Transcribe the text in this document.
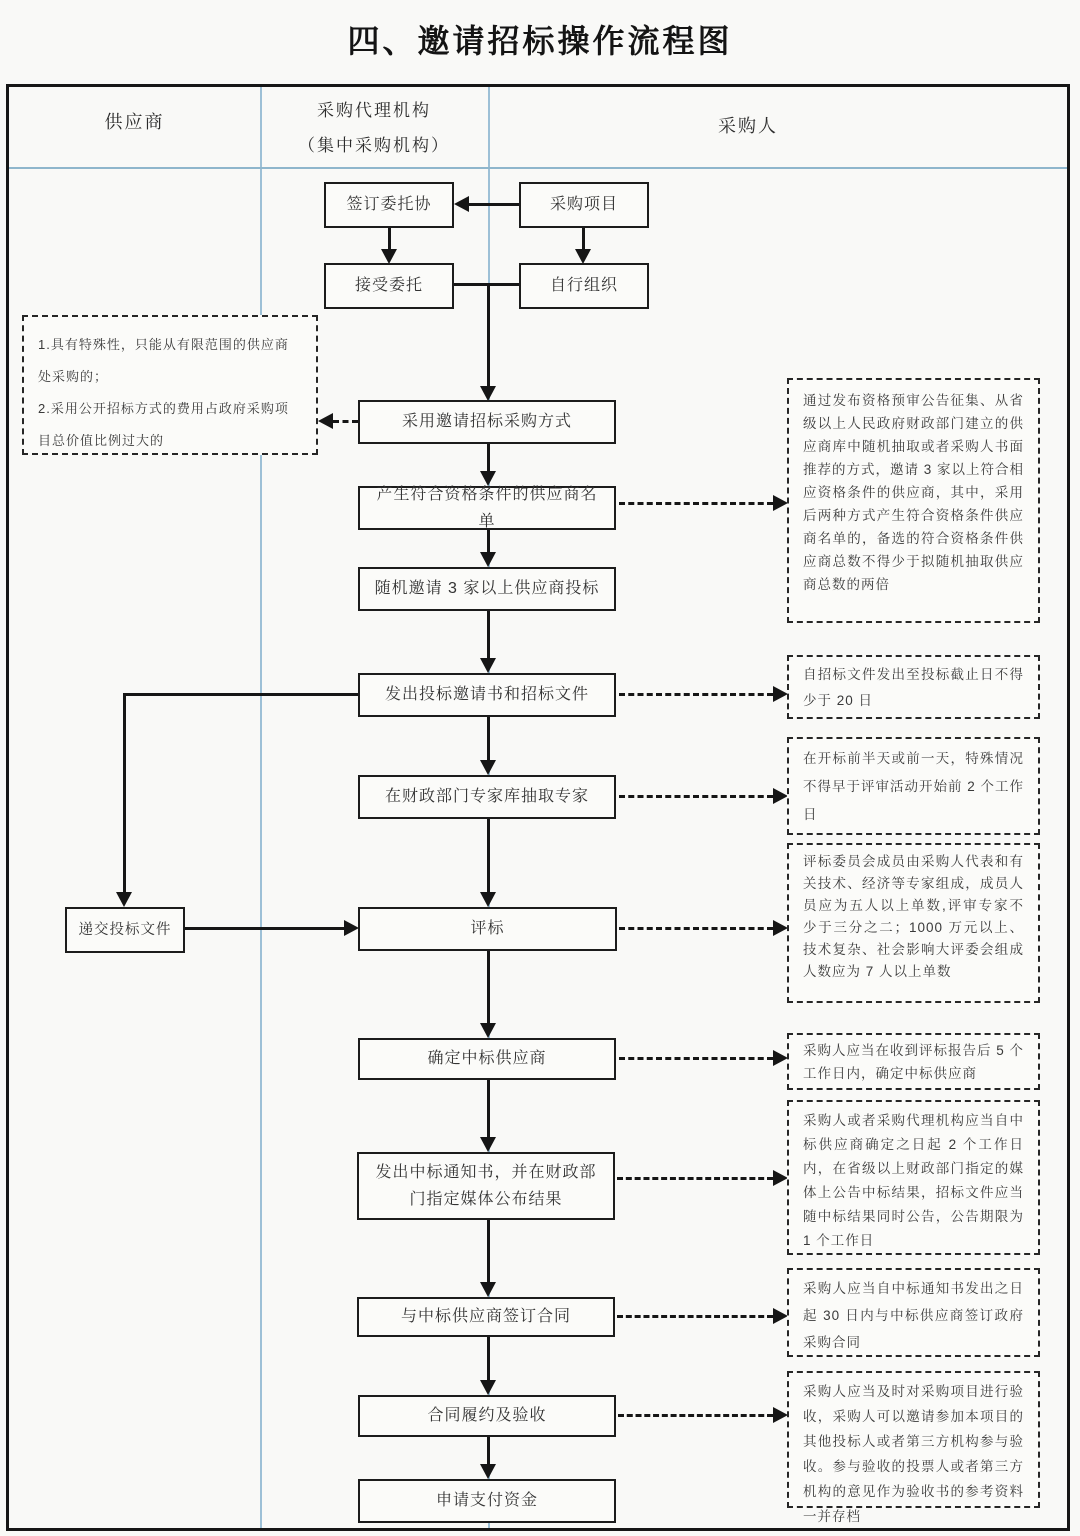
四、邀请招标操作流程图
供应商
采购代理机构
（集中采购机构）
采购人
签订委托协	采购项目
接受委托	自行组织
采用邀请招标采购方式
产生符合资格条件的供应商名单
随机邀请 3 家以上供应商投标
发出投标邀请书和招标文件
在财政部门专家库抽取专家
评标
确定中标供应商
发出中标通知书，并在财政部门指定媒体公布结果
与中标供应商签订合同
合同履约及验收
申请支付资金
递交投标文件
1.具有特殊性，只能从有限范围的供应商处采购的；
2.采用公开招标方式的费用占政府采购项目总价值比例过大的
通过发布资格预审公告征集、从省级以上人民政府财政部门建立的供应商库中随机抽取或者采购人书面推荐的方式，邀请 3 家以上符合相应资格条件的供应商，其中，采用后两种方式产生符合资格条件供应商名单的，备选的符合资格条件供应商总数不得少于拟随机抽取供应商总数的两倍
自招标文件发出至投标截止日不得少于 20 日
在开标前半天或前一天，特殊情况不得早于评审活动开始前 2 个工作日
评标委员会成员由采购人代表和有关技术、经济等专家组成，成员人员应为五人以上单数,评审专家不少于三分之二；1000 万元以上、技术复杂、社会影响大评委会组成人数应为 7 人以上单数
采购人应当在收到评标报告后 5 个工作日内，确定中标供应商
采购人或者采购代理机构应当自中标供应商确定之日起 2 个工作日内，在省级以上财政部门指定的媒体上公告中标结果，招标文件应当随中标结果同时公告，公告期限为 1 个工作日
采购人应当自中标通知书发出之日起 30 日内与中标供应商签订政府采购合同
采购人应当及时对采购项目进行验收，采购人可以邀请参加本项目的其他投标人或者第三方机构参与验收。参与验收的投票人或者第三方机构的意见作为验收书的参考资料一并存档
